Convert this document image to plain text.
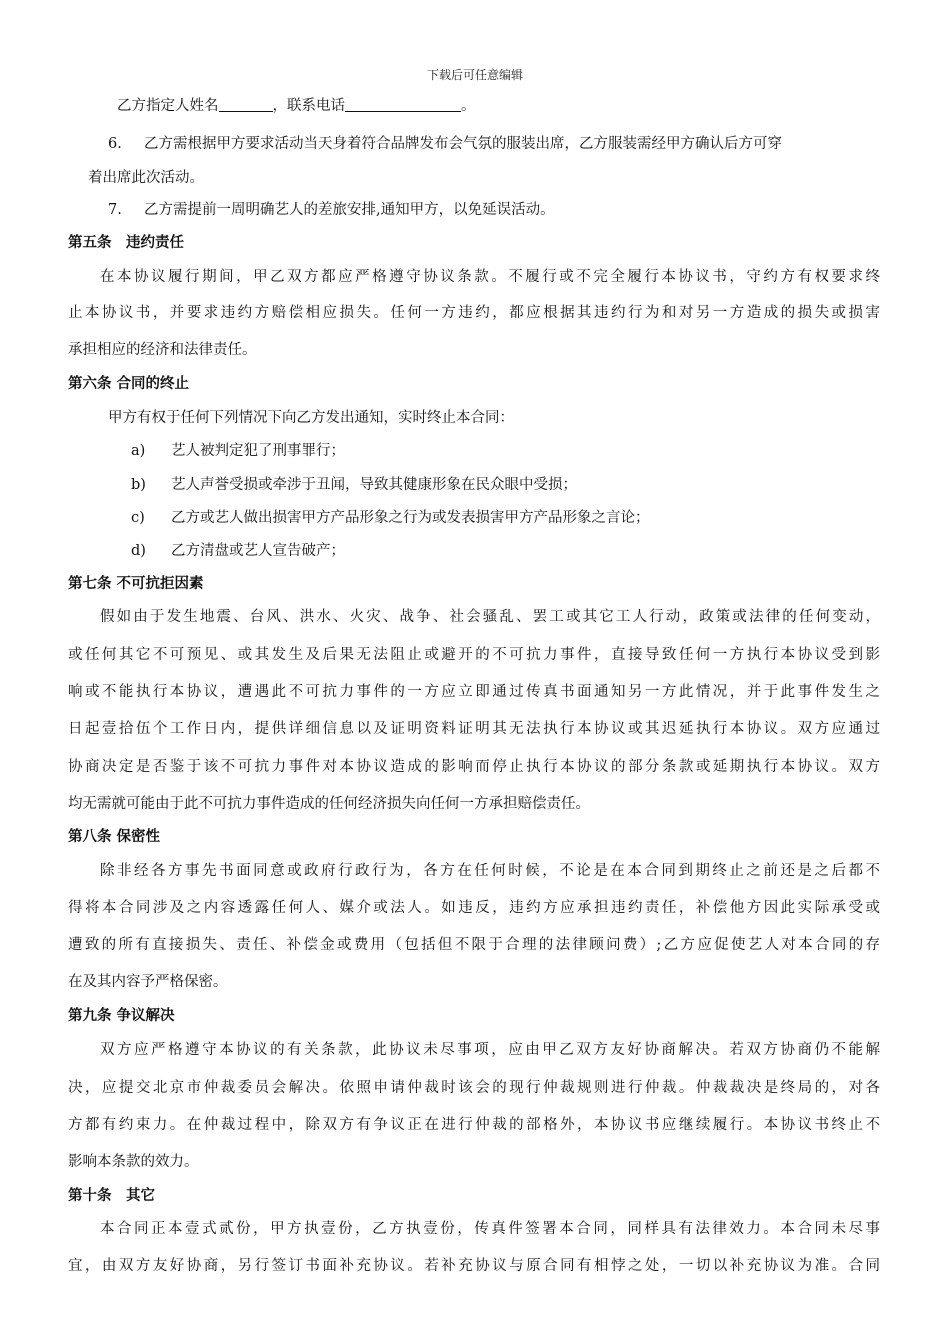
下载后可任意编辑
乙方指定人姓名	，联系电话	。
6. 乙方需根据甲方要求活动当天身着符合品牌发布会气氛的服装出席，乙方服装需经甲方确认后方可穿
着出席此次活动。
7. 乙方需提前一周明确艺人的差旅安排,通知甲方，以免延误活动。
第五条　违约责任
在本协议履行期间，甲乙双方都应严格遵守协议条款。不履行或不完全履行本协议书，守约方有权要求终
止本协议书，并要求违约方赔偿相应损失。任何一方违约，都应根据其违约行为和对另一方造成的损失或损害
承担相应的经济和法律责任。
第六条 合同的终止
甲方有权于任何下列情况下向乙方发出通知，实时终止本合同：
a) 艺人被判定犯了刑事罪行；
b) 艺人声誉受损或牵涉于丑闻，导致其健康形象在民众眼中受损；
c) 乙方或艺人做出损害甲方产品形象之行为或发表损害甲方产品形象之言论；
d) 乙方清盘或艺人宣告破产；
第七条 不可抗拒因素
假如由于发生地震、台风、洪水、火灾、战争、社会骚乱、罢工或其它工人行动，政策或法律的任何变动，
或任何其它不可预见、或其发生及后果无法阻止或避开的不可抗力事件，直接导致任何一方执行本协议受到影
响或不能执行本协议，遭遇此不可抗力事件的一方应立即通过传真书面通知另一方此情况，并于此事件发生之
日起壹拾伍个工作日内，提供详细信息以及证明资料证明其无法执行本协议或其迟延执行本协议。双方应通过
协商决定是否鉴于该不可抗力事件对本协议造成的影响而停止执行本协议的部分条款或延期执行本协议。双方
均无需就可能由于此不可抗力事件造成的任何经济损失向任何一方承担赔偿责任。
第八条 保密性
除非经各方事先书面同意或政府行政行为，各方在任何时候，不论是在本合同到期终止之前还是之后都不
得将本合同涉及之内容透露任何人、媒介或法人。如违反，违约方应承担违约责任，补偿他方因此实际承受或
遭致的所有直接损失、责任、补偿金或费用（包括但不限于合理的法律顾问费）;乙方应促使艺人对本合同的存
在及其内容予严格保密。
第九条 争议解决
双方应严格遵守本协议的有关条款，此协议未尽事项，应由甲乙双方友好协商解决。若双方协商仍不能解
决，应提交北京市仲裁委员会解决。依照申请仲裁时该会的现行仲裁规则进行仲裁。仲裁裁决是终局的，对各
方都有约束力。在仲裁过程中，除双方有争议正在进行仲裁的部格外，本协议书应继续履行。本协议书终止不
影响本条款的效力。
第十条　其它
本合同正本壹式贰份，甲方执壹份，乙方执壹份，传真件签署本合同，同样具有法律效力。本合同未尽事
宜，由双方友好协商，另行签订书面补充协议。若补充协议与原合同有相悖之处，一切以补充协议为准。合同
